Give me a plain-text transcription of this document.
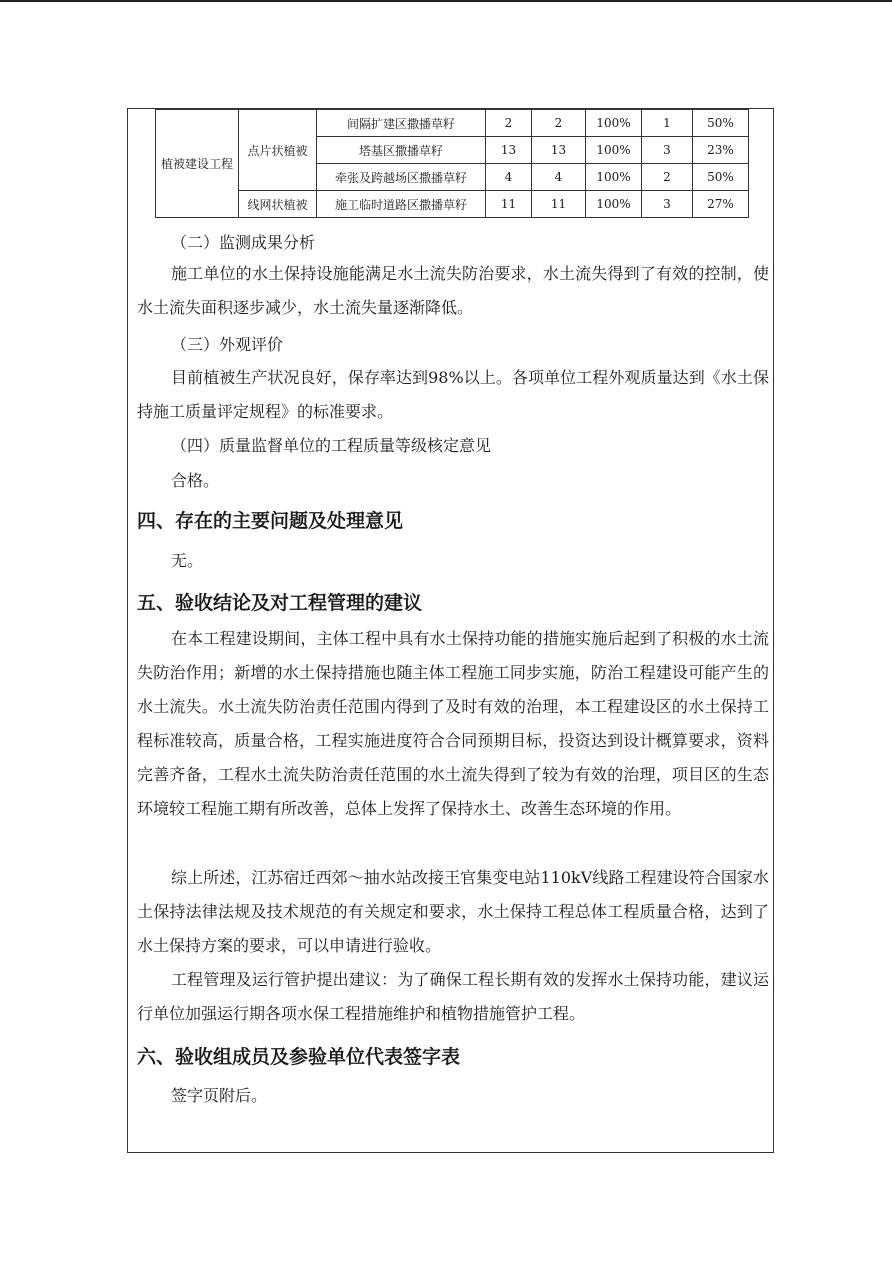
植被建设工程	点片状植被	间隔扩建区撒播草籽	2	2	100%	1	50%
		塔基区撒播草籽	13	13	100%	3	23%
		牵张及跨越场区撒播草籽	4	4	100%	2	50%
	线网状植被	施工临时道路区撒播草籽	11	11	100%	3	27%

（二）监测成果分析

施工单位的水土保持设施能满足水土流失防治要求，水土流失得到了有效的控制，使水土流失面积逐步减少，水土流失量逐渐降低。

（三）外观评价

目前植被生产状况良好，保存率达到98%以上。各项单位工程外观质量达到《水土保持施工质量评定规程》的标准要求。

（四）质量监督单位的工程质量等级核定意见

合格。

四、存在的主要问题及处理意见

无。

五、验收结论及对工程管理的建议

在本工程建设期间，主体工程中具有水土保持功能的措施实施后起到了积极的水土流失防治作用；新增的水土保持措施也随主体工程施工同步实施，防治工程建设可能产生的水土流失。水土流失防治责任范围内得到了及时有效的治理，本工程建设区的水土保持工程标准较高，质量合格，工程实施进度符合合同预期目标，投资达到设计概算要求，资料完善齐备，工程水土流失防治责任范围的水土流失得到了较为有效的治理，项目区的生态环境较工程施工期有所改善，总体上发挥了保持水土、改善生态环境的作用。

综上所述，江苏宿迁西郊～抽水站改接王官集变电站110kV线路工程建设符合国家水土保持法律法规及技术规范的有关规定和要求，水土保持工程总体工程质量合格，达到了水土保持方案的要求，可以申请进行验收。

工程管理及运行管护提出建议：为了确保工程长期有效的发挥水土保持功能，建议运行单位加强运行期各项水保工程措施维护和植物措施管护工程。

六、验收组成员及参验单位代表签字表

签字页附后。
